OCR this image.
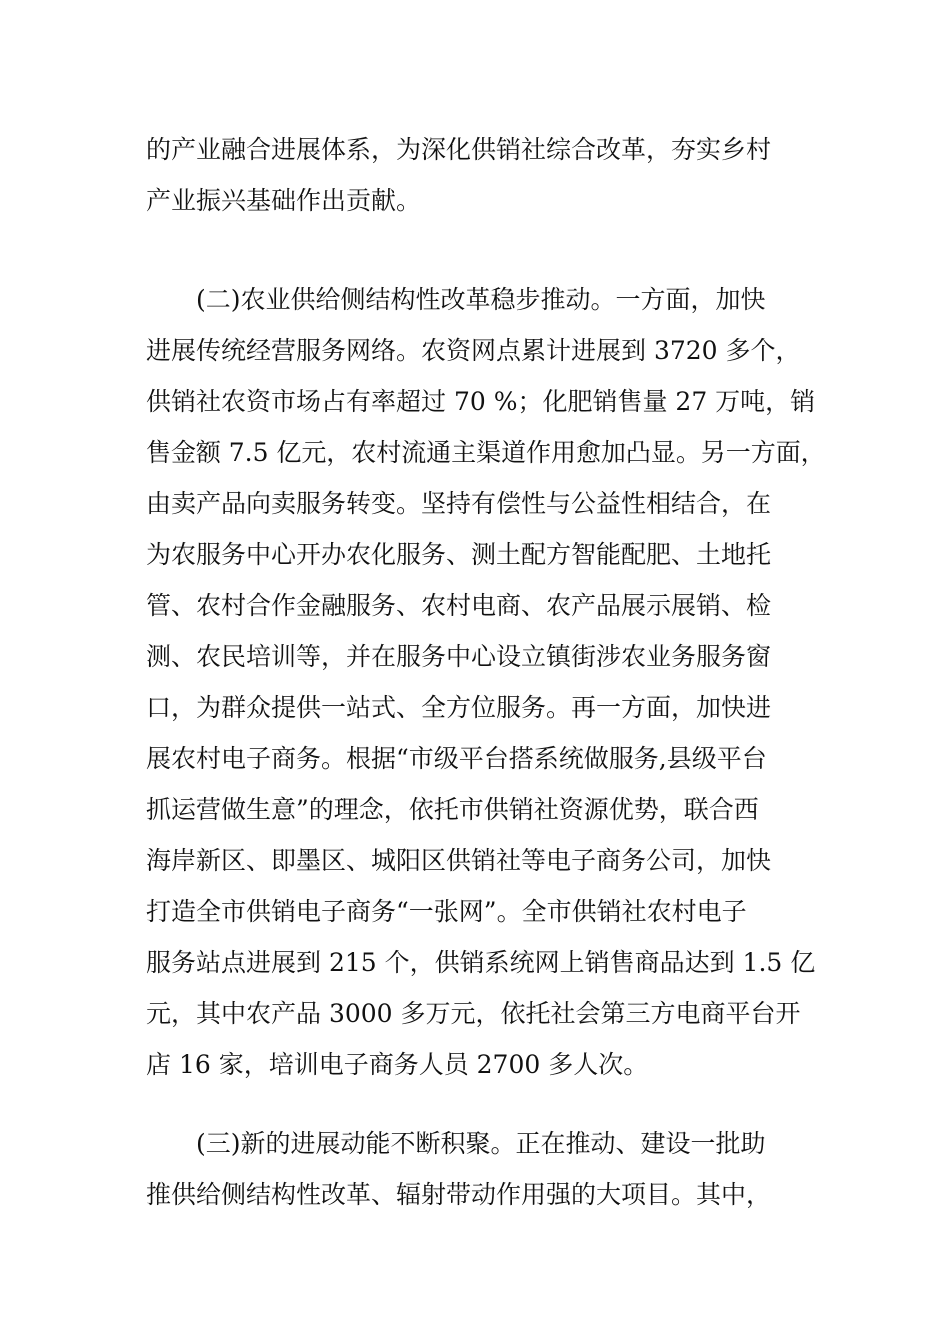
的产业融合进展体系，为深化供销社综合改革，夯实乡村
产业振兴基础作出贡献。
(二)农业供给侧结构性改革稳步推动。一方面，加快
进展传统经营服务网络。农资网点累计进展到 3720 多个，
供销社农资市场占有率超过 70 %；化肥销售量 27 万吨，销
售金额 7.5 亿元，农村流通主渠道作用愈加凸显。另一方面，
由卖产品向卖服务转变。坚持有偿性与公益性相结合，在
为农服务中心开办农化服务、测土配方智能配肥、土地托
管、农村合作金融服务、农村电商、农产品展示展销、检
测、农民培训等，并在服务中心设立镇街涉农业务服务窗
口，为群众提供一站式、全方位服务。再一方面，加快进
展农村电子商务。根据“市级平台搭系统做服务,县级平台
抓运营做生意”的理念，依托市供销社资源优势，联合西
海岸新区、即墨区、城阳区供销社等电子商务公司，加快
打造全市供销电子商务“一张网”。全市供销社农村电子
服务站点进展到 215 个，供销系统网上销售商品达到 1.5 亿
元，其中农产品 3000 多万元，依托社会第三方电商平台开
店 16 家，培训电子商务人员 2700 多人次。
(三)新的进展动能不断积聚。正在推动、建设一批助
推供给侧结构性改革、辐射带动作用强的大项目。其中，
